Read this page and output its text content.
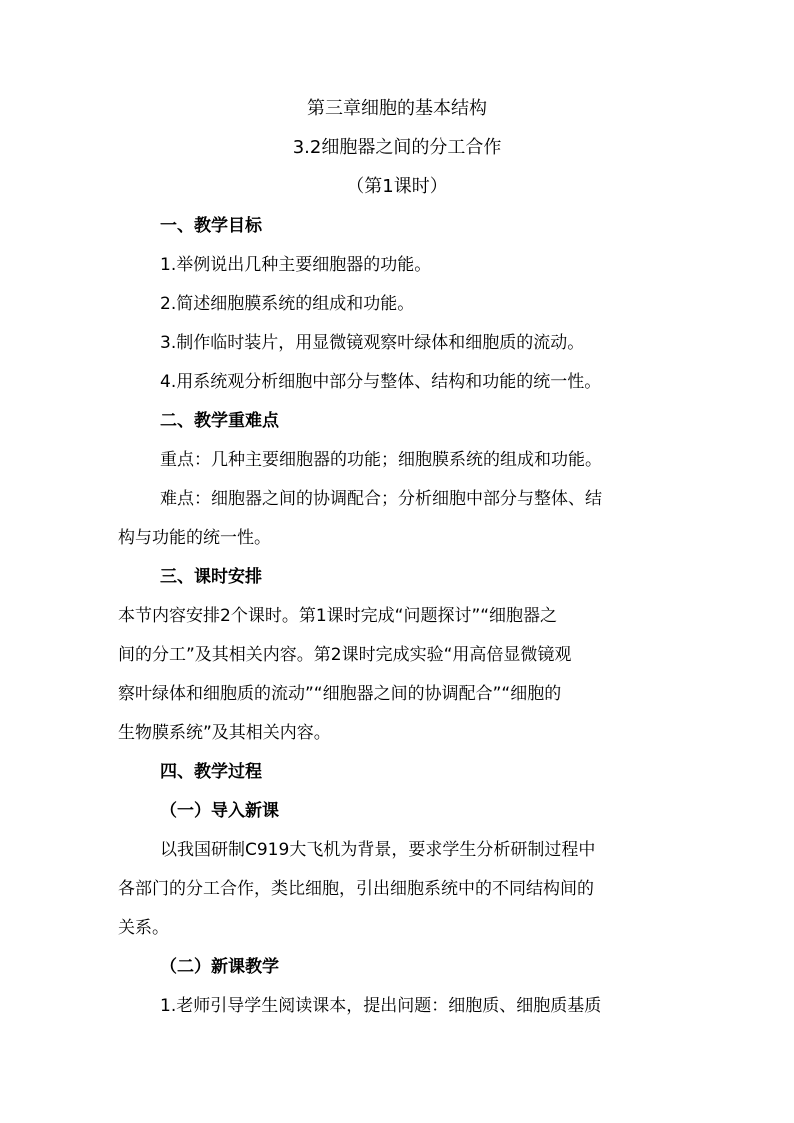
第三章细胞的基本结构
3.2细胞器之间的分工合作
（第1课时）
一、教学目标
1.举例说出几种主要细胞器的功能。
2.简述细胞膜系统的组成和功能。
3.制作临时装片，用显微镜观察叶绿体和细胞质的流动。
4.用系统观分析细胞中部分与整体、结构和功能的统一性。
二、教学重难点
重点：几种主要细胞器的功能；细胞膜系统的组成和功能。
难点：细胞器之间的协调配合；分析细胞中部分与整体、结
构与功能的统一性。
三、课时安排
本节内容安排2个课时。第1课时完成“问题探讨”“细胞器之
间的分工”及其相关内容。第2课时完成实验“用高倍显微镜观
察叶绿体和细胞质的流动”“细胞器之间的协调配合”“细胞的
生物膜系统”及其相关内容。
四、教学过程
（一）导入新课
以我国研制C919大飞机为背景，要求学生分析研制过程中
各部门的分工合作，类比细胞，引出细胞系统中的不同结构间的
关系。
（二）新课教学
1.老师引导学生阅读课本，提出问题：细胞质、细胞质基质
